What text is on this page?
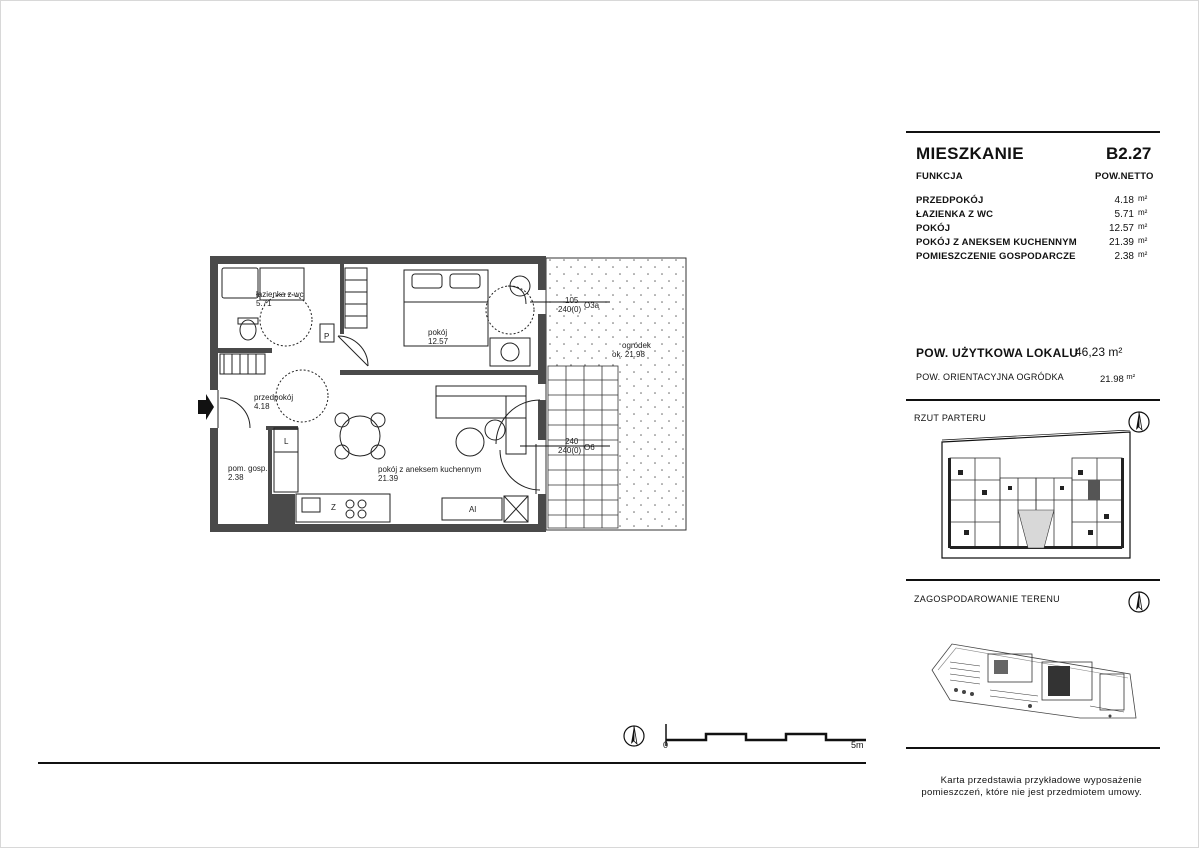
MIESZKANIE	B2.27
FUNKCJA	POW.NETTO
PRZEDPOKÓJ	4.18 m²
ŁAZIENKA Z WC	5.71 m²
POKÓJ	12.57 m²
POKÓJ Z ANEKSEM KUCHENNYM	21.39 m²
POMIESZCZENIE GOSPODARCZE	2.38 m²
POW. UŻYTKOWA LOKALU
46,23 m²
POW. ORIENTACYJNA OGRÓDKA	21.98 $^{m^2}$
RZUT PARTERU
ZAGOSPODAROWANIE TERENU
Karta przedstawia przykładowe wyposażenie
pomieszczeń, które nie jest przedmiotem umowy.
0	5m
łazienka z wc
5.71
przedpokój
4.18
pom. gosp.
2.38
pokój
12.57
pokój z aneksem kuchennym
21.39
ogródek
ok. 21.98
105
240(0) O3a
240
240(0) O6
P
L
Z	Al
